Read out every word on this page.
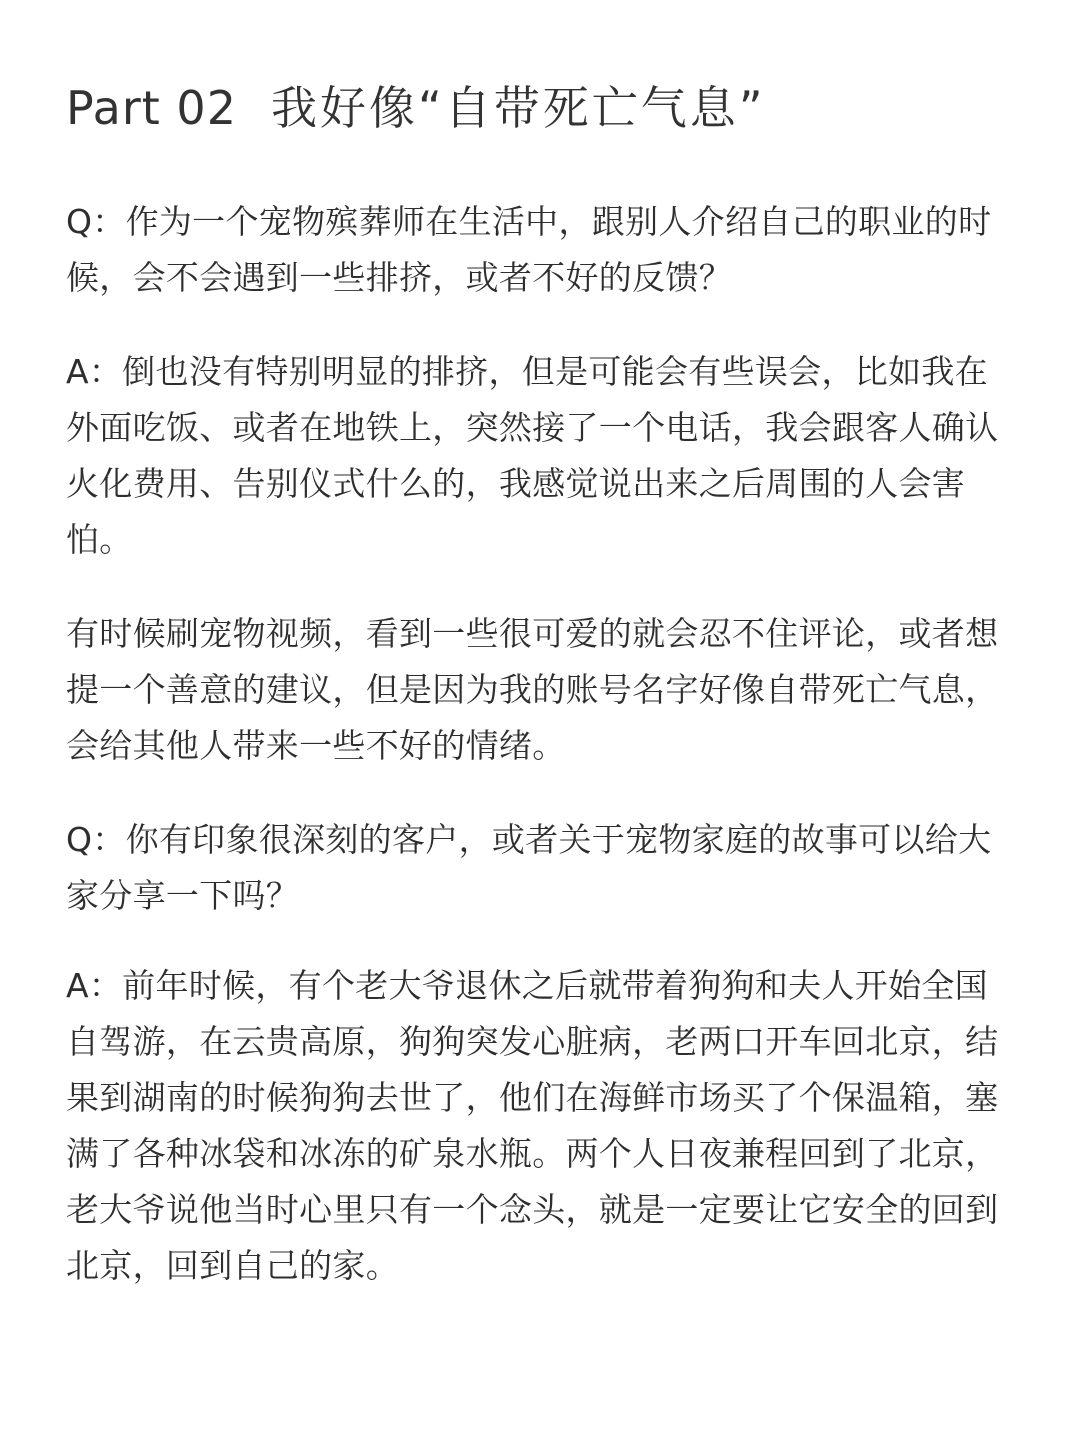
Part 02 我好像“自带死亡气息”

Q：作为一个宠物殡葬师在生活中，跟别人介绍自己的职业的时候，会不会遇到一些排挤，或者不好的反馈？

A：倒也没有特别明显的排挤，但是可能会有些误会，比如我在外面吃饭、或者在地铁上，突然接了一个电话，我会跟客人确认火化费用、告别仪式什么的，我感觉说出来之后周围的人会害怕。

有时候刷宠物视频，看到一些很可爱的就会忍不住评论，或者想提一个善意的建议，但是因为我的账号名字好像自带死亡气息，会给其他人带来一些不好的情绪。

Q：你有印象很深刻的客户，或者关于宠物家庭的故事可以给大家分享一下吗？

A：前年时候，有个老大爷退休之后就带着狗狗和夫人开始全国自驾游，在云贵高原，狗狗突发心脏病，老两口开车回北京，结果到湖南的时候狗狗去世了，他们在海鲜市场买了个保温箱，塞满了各种冰袋和冰冻的矿泉水瓶。两个人日夜兼程回到了北京，老大爷说他当时心里只有一个念头，就是一定要让它安全的回到北京，回到自己的家。
